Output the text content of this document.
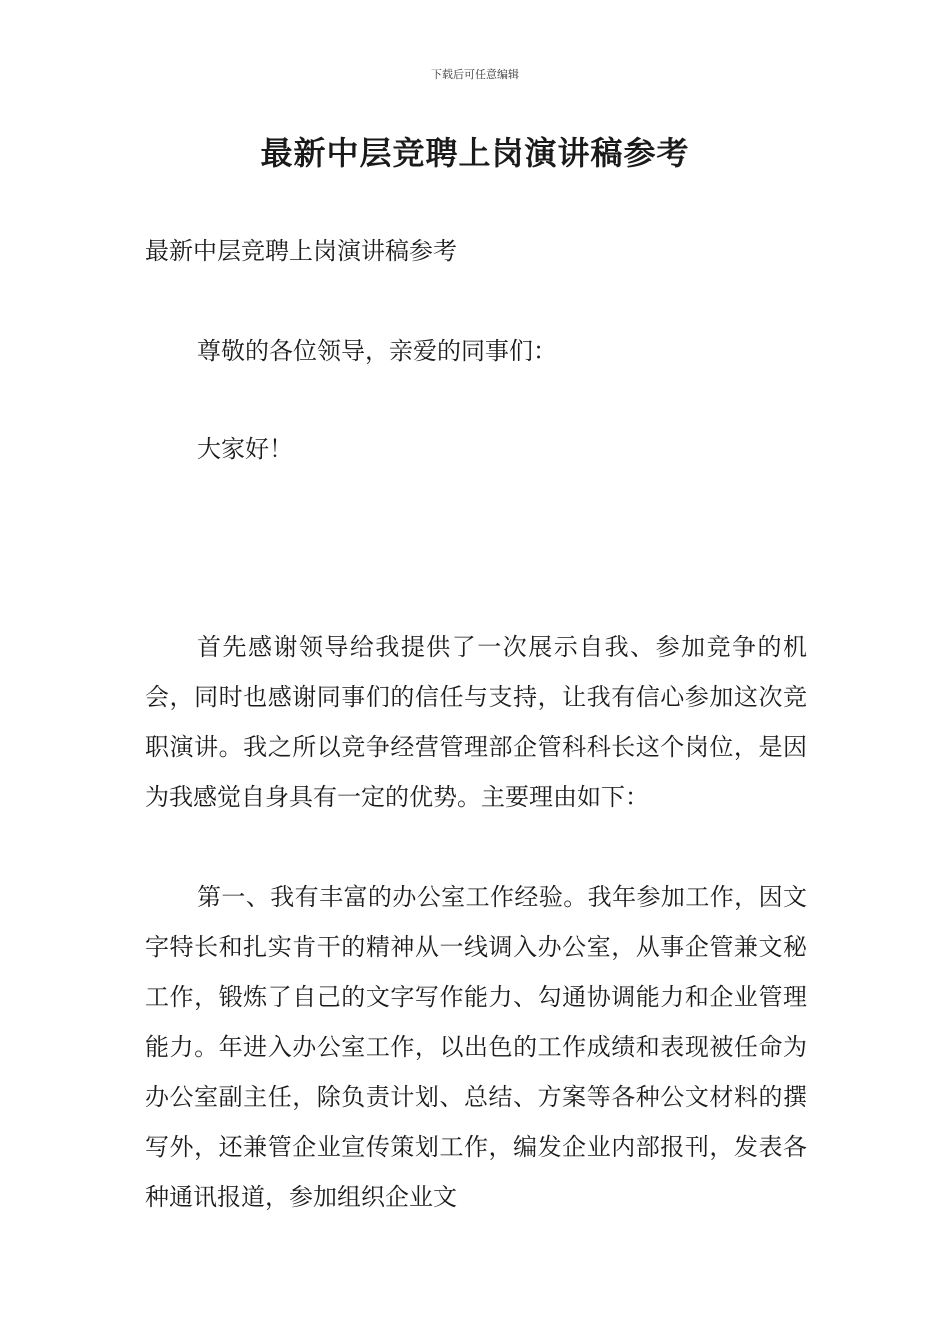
下载后可任意编辑
最新中层竞聘上岗演讲稿参考
最新中层竞聘上岗演讲稿参考
尊敬的各位领导，亲爱的同事们：
大家好！
首先感谢领导给我提供了一次展示自我、参加竞争的机会，同时也感谢同事们的信任与支持，让我有信心参加这次竞职演讲。我之所以竞争经营管理部企管科科长这个岗位，是因为我感觉自身具有一定的优势。主要理由如下：
第一、我有丰富的办公室工作经验。我年参加工作，因文字特长和扎实肯干的精神从一线调入办公室，从事企管兼文秘工作，锻炼了自己的文字写作能力、勾通协调能力和企业管理能力。年进入办公室工作，以出色的工作成绩和表现被任命为办公室副主任，除负责计划、总结、方案等各种公文材料的撰写外，还兼管企业宣传策划工作，编发企业内部报刊，发表各种通讯报道，参加组织企业文
